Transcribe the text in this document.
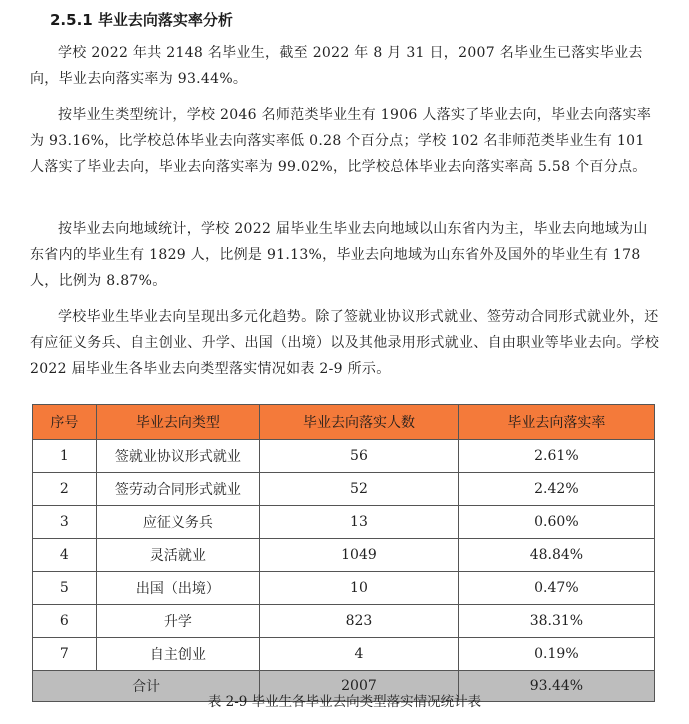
2.5.1 毕业去向落实率分析

学校 2022 年共 2148 名毕业生，截至 2022 年 8 月 31 日，2007 名毕业生已落实毕业去向，毕业去向落实率为 93.44%。

按毕业生类型统计，学校 2046 名师范类毕业生有 1906 人落实了毕业去向，毕业去向落实率为 93.16%，比学校总体毕业去向落实率低 0.28 个百分点；学校 102 名非师范类毕业生有 101 人落实了毕业去向，毕业去向落实率为 99.02%，比学校总体毕业去向落实率高 5.58 个百分点。

按毕业去向地域统计，学校 2022 届毕业生毕业去向地域以山东省内为主，毕业去向地域为山东省内的毕业生有 1829 人，比例是 91.13%，毕业去向地域为山东省外及国外的毕业生有 178 人，比例为 8.87%。

学校毕业生毕业去向呈现出多元化趋势。除了签就业协议形式就业、签劳动合同形式就业外，还有应征义务兵、自主创业、升学、出国（出境）以及其他录用形式就业、自由职业等毕业去向。学校 2022 届毕业生各毕业去向类型落实情况如表 2-9 所示。

序号	毕业去向类型	毕业去向落实人数	毕业去向落实率
1	签就业协议形式就业	56	2.61%
2	签劳动合同形式就业	52	2.42%
3	应征义务兵	13	0.60%
4	灵活就业	1049	48.84%
5	出国（出境）	10	0.47%
6	升学	823	38.31%
7	自主创业	4	0.19%
合计		2007	93.44%
表 2-9 毕业生各毕业去向类型落实情况统计表
